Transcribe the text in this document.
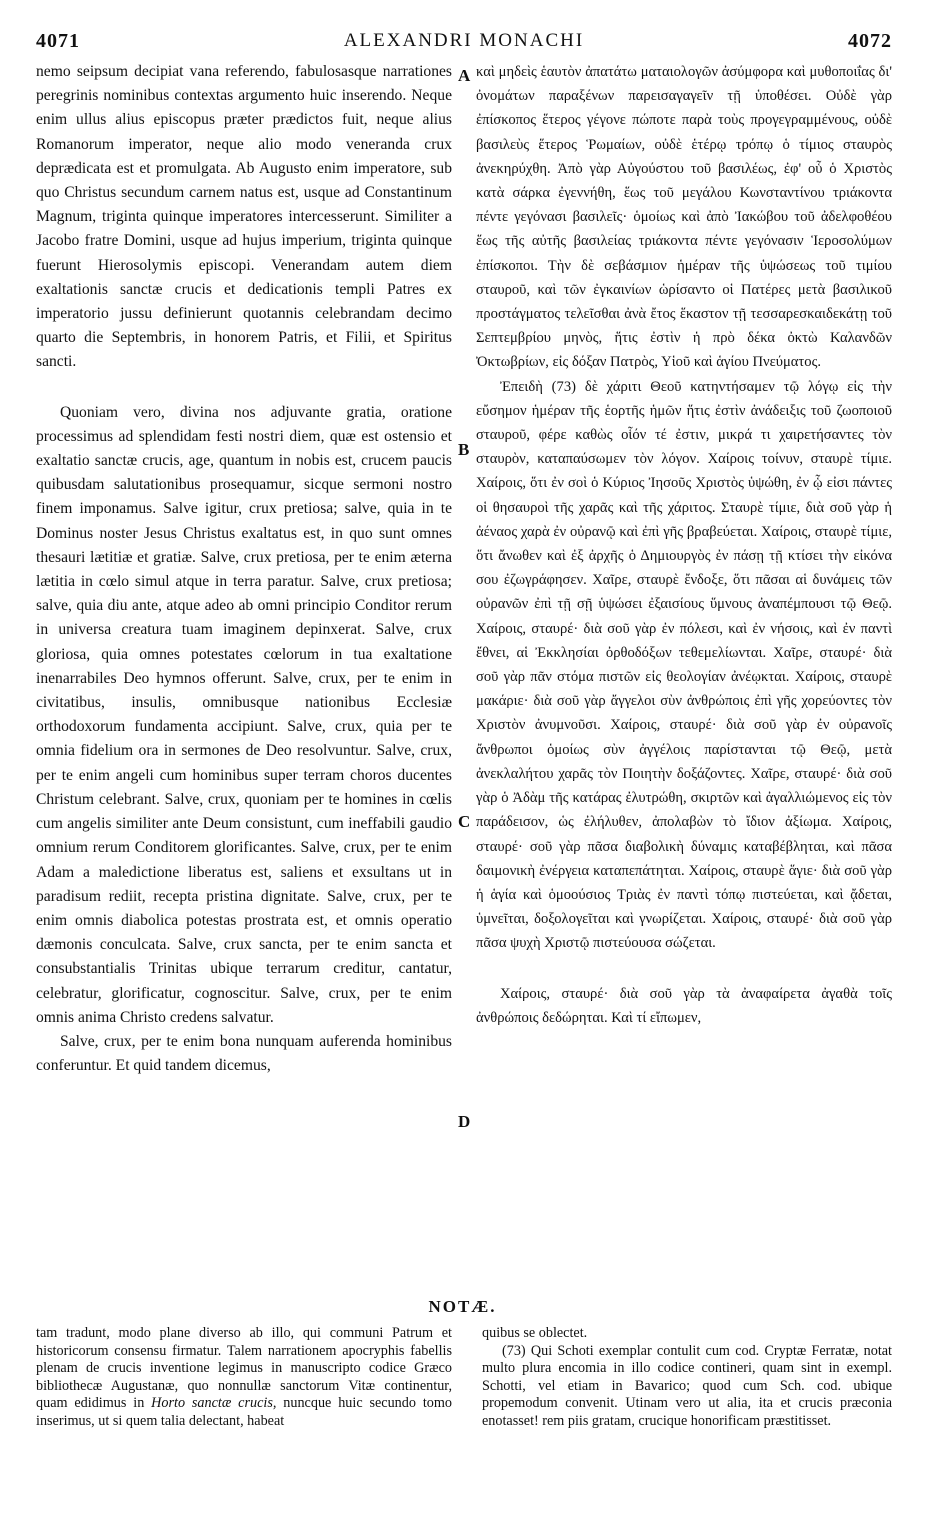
4071	ALEXANDRI MONACHI	4072

nemo seipsum decipiat vana referendo, fabulosasque narrationes peregrinis nominibus contextas argumento huic inserendo. Neque enim ullus alius episcopus præter prædictos fuit, neque alius Romanorum imperator, neque alio modo veneranda crux deprædicata est et promulgata. Ab Augusto enim imperatore, sub quo Christus secundum carnem natus est, usque ad Constantinum Magnum, triginta quinque imperatores intercesserunt. Similiter a Jacobo fratre Domini, usque ad hujus imperium, triginta quinque fuerunt Hierosolymis episcopi. Venerandam autem diem exaltationis sanctæ crucis et dedicationis templi Patres ex imperatorio jussu definierunt quotannis celebrandam decimo quarto die Septembris, in honorem Patris, et Filii, et Spiritus sancti.

Quoniam vero, divina nos adjuvante gratia, oratione processimus ad splendidam festi nostri diem, quæ est ostensio et exaltatio sanctæ crucis, age, quantum in nobis est, crucem paucis quibusdam salutationibus prosequamur, sicque sermoni nostro finem imponamus. Salve igitur, crux pretiosa; salve, quia in te Dominus noster Jesus Christus exaltatus est, in quo sunt omnes thesauri lætitiæ et gratiæ. Salve, crux pretiosa, per te enim æterna lætitia in cœlo simul atque in terra paratur. Salve, crux pretiosa; salve, quia diu ante, atque adeo ab omni principio Conditor rerum in universa creatura tuam imaginem depinxerat. Salve, crux gloriosa, quia omnes potestates cœlorum in tua exaltatione inenarrabiles Deo hymnos offerunt. Salve, crux, per te enim in civitatibus, insulis, omnibusque nationibus Ecclesiæ orthodoxorum fundamenta accipiunt. Salve, crux, quia per te omnia fidelium ora in sermones de Deo resolvuntur. Salve, crux, per te enim angeli cum hominibus super terram choros ducentes Christum celebrant. Salve, crux, quoniam per te homines in cœlis cum angelis similiter ante Deum consistunt, cum ineffabili gaudio omnium rerum Conditorem glorificantes. Salve, crux, per te enim Adam a maledictione liberatus est, saliens et exsultans ut in paradisum rediit, recepta pristina dignitate. Salve, crux, per te enim omnis diabolica potestas prostrata est, et omnis operatio dæmonis conculcata. Salve, crux sancta, per te enim sancta et consubstantialis Trinitas ubique terrarum creditur, cantatur, celebratur, glorificatur, cognoscitur. Salve, crux, per te enim omnis anima Christo credens salvatur.

Salve, crux, per te enim bona nunquam auferenda hominibus conferuntur. Et quid tandem dicemus,

A
B
C
D

καὶ μηδεὶς ἑαυτὸν ἀπατάτω ματαιολογῶν ἀσύμφορα καὶ μυθοποιΐας δι' ὀνομάτων παραξένων παρεισαγαγεῖν τῇ ὑποθέσει. Οὐδὲ γὰρ ἐπίσκοπος ἕτερος γέγονε πώποτε παρὰ τοὺς προγεγραμμένους, οὐδὲ βασιλεὺς ἕτερος Ῥωμαίων, οὐδὲ ἑτέρῳ τρόπῳ ὁ τίμιος σταυρὸς ἀνεκηρύχθη. Ἀπὸ γὰρ Αὐγούστου τοῦ βασιλέως, ἐφ' οὗ ὁ Χριστὸς κατὰ σάρκα ἐγεννήθη, ἕως τοῦ μεγάλου Κωνσταντίνου τριάκοντα πέντε γεγόνασι βασιλεῖς· ὁμοίως καὶ ἀπὸ Ἰακώβου τοῦ ἀδελφοθέου ἕως τῆς αὐτῆς βασιλείας τριάκοντα πέντε γεγόνασιν Ἱεροσολύμων ἐπίσκοποι. Τὴν δὲ σεβάσμιον ἡμέραν τῆς ὑψώσεως τοῦ τιμίου σταυροῦ, καὶ τῶν ἐγκαινίων ὡρίσαντο οἱ Πατέρες μετὰ βασιλικοῦ προστάγματος τελεῖσθαι ἀνὰ ἔτος ἕκαστον τῇ τεσσαρεσκαιδεκάτῃ τοῦ Σεπτεμβρίου μηνὸς, ἥτις ἐστὶν ἡ πρὸ δέκα ὀκτὼ Καλανδῶν Ὀκτωβρίων, εἰς δόξαν Πατρὸς, Υἱοῦ καὶ ἁγίου Πνεύματος.

Ἐπειδὴ (73) δὲ χάριτι Θεοῦ κατηντήσαμεν τῷ λόγῳ εἰς τὴν εὔσημον ἡμέραν τῆς ἑορτῆς ἡμῶν ἥτις ἐστὶν ἀνάδειξις τοῦ ζωοποιοῦ σταυροῦ, φέρε καθὼς οἷόν τέ ἐστιν, μικρά τι χαιρετήσαντες τὸν σταυρὸν, καταπαύσωμεν τὸν λόγον. Χαίροις τοίνυν, σταυρὲ τίμιε. Χαίροις, ὅτι ἐν σοὶ ὁ Κύριος Ἰησοῦς Χριστὸς ὑψώθη, ἐν ᾧ εἰσι πάντες οἱ θησαυροὶ τῆς χαρᾶς καὶ τῆς χάριτος. Σταυρὲ τίμιε, διὰ σοῦ γὰρ ἡ ἀέναος χαρὰ ἐν οὐρανῷ καὶ ἐπὶ γῆς βραβεύεται. Χαίροις, σταυρὲ τίμιε, ὅτι ἄνωθεν καὶ ἐξ ἀρχῆς ὁ Δημιουργὸς ἐν πάσῃ τῇ κτίσει τὴν εἰκόνα σου ἐζωγράφησεν. Χαῖρε, σταυρὲ ἔνδοξε, ὅτι πᾶσαι αἱ δυνάμεις τῶν οὐρανῶν ἐπὶ τῇ σῇ ὑψώσει ἐξαισίους ὕμνους ἀναπέμπουσι τῷ Θεῷ. Χαίροις, σταυρέ· διὰ σοῦ γὰρ ἐν πόλεσι, καὶ ἐν νήσοις, καὶ ἐν παντὶ ἔθνει, αἱ Ἐκκλησίαι ὀρθοδόξων τεθεμελίωνται. Χαῖρε, σταυρέ· διὰ σοῦ γὰρ πᾶν στόμα πιστῶν εἰς θεολογίαν ἀνέῳκται. Χαίροις, σταυρὲ μακάριε· διὰ σοῦ γὰρ ἄγγελοι σὺν ἀνθρώποις ἐπὶ γῆς χορεύοντες τὸν Χριστὸν ἀνυμνοῦσι. Χαίροις, σταυρέ· διὰ σοῦ γὰρ ἐν οὐρανοῖς ἄνθρωποι ὁμοίως σὺν ἀγγέλοις παρίστανται τῷ Θεῷ, μετὰ ἀνεκλαλήτου χαρᾶς τὸν Ποιητὴν δοξάζοντες. Χαῖρε, σταυρέ· διὰ σοῦ γὰρ ὁ Ἀδὰμ τῆς κατάρας ἐλυτρώθη, σκιρτῶν καὶ ἀγαλλιώμενος εἰς τὸν παράδεισον, ὡς ἐλήλυθεν, ἀπολαβὼν τὸ ἴδιον ἀξίωμα. Χαίροις, σταυρέ· σοῦ γὰρ πᾶσα διαβολικὴ δύναμις καταβέβληται, καὶ πᾶσα δαιμονικὴ ἐνέργεια καταπεπάτηται. Χαίροις, σταυρὲ ἅγιε· διὰ σοῦ γὰρ ἡ ἁγία καὶ ὁμοούσιος Τριὰς ἐν παντὶ τόπῳ πιστεύεται, καὶ ᾄδεται, ὑμνεῖται, δοξολογεῖται καὶ γνωρίζεται. Χαίροις, σταυρέ· διὰ σοῦ γὰρ πᾶσα ψυχὴ Χριστῷ πιστεύουσα σώζεται.

Χαίροις, σταυρέ· διὰ σοῦ γὰρ τὰ ἀναφαίρετα ἀγαθὰ τοῖς ἀνθρώποις δεδώρηται. Καὶ τί εἴπωμεν,

NOTÆ.

tam tradunt, modo plane diverso ab illo, qui communi Patrum et historicorum consensu firmatur. Talem narrationem apocryphis fabellis plenam de crucis inventione legimus in manuscripto codice Græco bibliothecæ Augustanæ, quo nonnullæ sanctorum Vitæ continentur, quam edidimus in Horto sanctæ crucis, nuncque huic secundo tomo inserimus, ut si quem talia delectant, habeat

quibus se oblectet.

(73) Qui Schoti exemplar contulit cum cod. Cryptæ Ferratæ, notat multo plura encomia in illo codice contineri, quam sint in exempl. Schotti, vel etiam in Bavarico; quod cum Sch. cod. ubique propemodum convenit. Utinam vero ut alia, ita et crucis præconia enotasset! rem piis gratam, crucique honorificam præstitisset.
